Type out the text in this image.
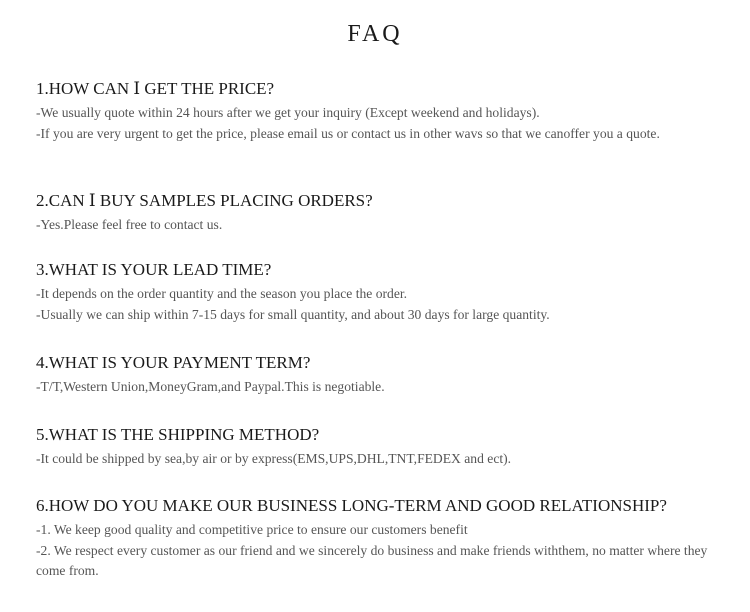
FAQ
1.HOW CAN Ⅰ GET THE PRICE?

-We usually quote within 24 hours after we get your inquiry (Except weekend and holidays).

-If you are very urgent to get the price, please email us or contact us in other wavs so that we canoffer you a quote.

2.CAN Ⅰ BUY SAMPLES PLACING ORDERS?

-Yes.Please feel free to contact us.

3.WHAT IS YOUR LEAD TIME?

-It depends on the order quantity and the season you place the order.

-Usually we can ship within 7-15 days for small quantity, and about 30 days for large quantity.

4.WHAT IS YOUR PAYMENT TERM?

-T/T,Western Union,MoneyGram,and Paypal.This is negotiable.

5.WHAT IS THE SHIPPING METHOD?

-It could be shipped by sea,by air or by express(EMS,UPS,DHL,TNT,FEDEX and ect).

6.HOW DO YOU MAKE OUR BUSINESS LONG-TERM AND GOOD RELATIONSHIP?

-1. We keep good quality and competitive price to ensure our customers benefit

-2. We respect every customer as our friend and we sincerely do business and make friends withthem, no matter where they come from.
